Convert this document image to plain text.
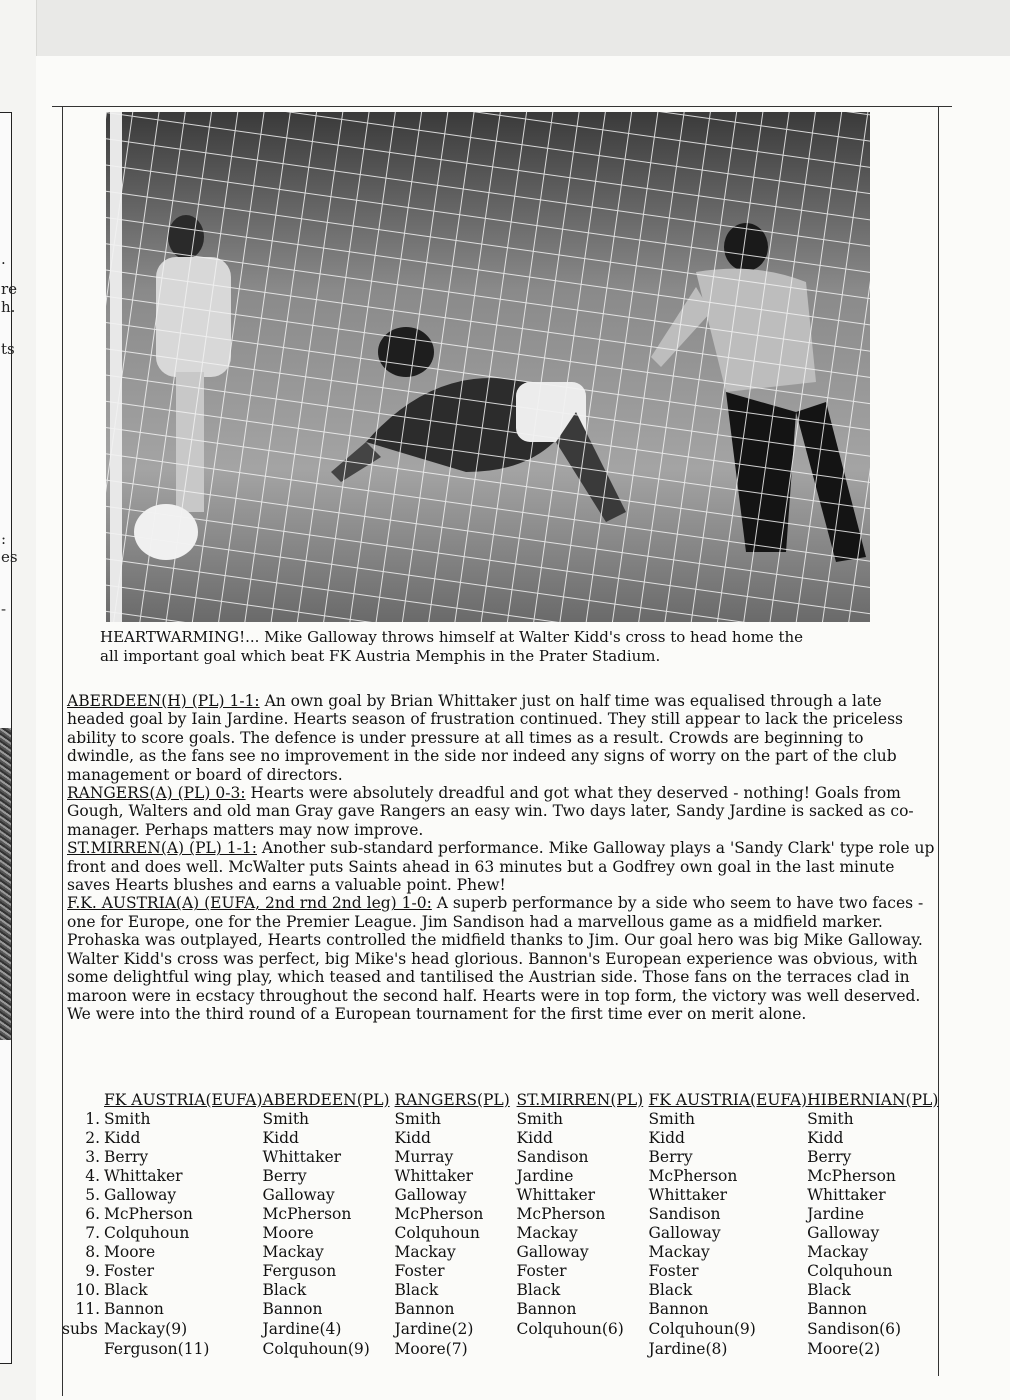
.
re
h.
ts
:
es
-
HEARTWARMING!... Mike Galloway throws himself at Walter Kidd's cross to head home the
all important goal which beat FK Austria Memphis in the Prater Stadium.

ABERDEEN(H) (PL) 1-1: An own goal by Brian Whittaker just on half time was equalised through a late headed goal by Iain Jardine. Hearts season of frustration continued. They still appear to lack the priceless ability to score goals. The defence is under pressure at all times as a result. Crowds are beginning to dwindle, as the fans see no improvement in the side nor indeed any signs of worry on the part of the club management or board of directors.

RANGERS(A) (PL) 0-3: Hearts were absolutely dreadful and got what they deserved - nothing! Goals from Gough, Walters and old man Gray gave Rangers an easy win. Two days later, Sandy Jardine is sacked as co-manager. Perhaps matters may now improve.

ST.MIRREN(A) (PL) 1-1: Another sub-standard performance. Mike Galloway plays a 'Sandy Clark' type role up front and does well. McWalter puts Saints ahead in 63 minutes but a Godfrey own goal in the last minute saves Hearts blushes and earns a valuable point. Phew!

F.K. AUSTRIA(A) (EUFA, 2nd rnd 2nd leg) 1-0: A superb performance by a side who seem to have two faces - one for Europe, one for the Premier League. Jim Sandison had a marvellous game as a midfield marker. Prohaska was outplayed, Hearts controlled the midfield thanks to Jim. Our goal hero was big Mike Galloway. Walter Kidd's cross was perfect, big Mike's head glorious. Bannon's European experience was obvious, with some delightful wing play, which teased and tantilised the Austrian side. Those fans on the terraces clad in maroon were in ecstacy throughout the second half. Hearts were in top form, the victory was well deserved. We were into the third round of a European tournament for the first time ever on merit alone.

	FK AUSTRIA(EUFA)	ABERDEEN(PL)	RANGERS(PL)	ST.MIRREN(PL)	FK AUSTRIA(EUFA)	HIBERNIAN(PL)
1.	Smith	Smith	Smith	Smith	Smith	Smith
2.	Kidd	Kidd	Kidd	Kidd	Kidd	Kidd
3.	Berry	Whittaker	Murray	Sandison	Berry	Berry
4.	Whittaker	Berry	Whittaker	Jardine	McPherson	McPherson
5.	Galloway	Galloway	Galloway	Whittaker	Whittaker	Whittaker
6.	McPherson	McPherson	McPherson	McPherson	Sandison	Jardine
7.	Colquhoun	Moore	Colquhoun	Mackay	Galloway	Galloway
8.	Moore	Mackay	Mackay	Galloway	Mackay	Mackay
9.	Foster	Ferguson	Foster	Foster	Foster	Colquhoun
10.	Black	Black	Black	Black	Black	Black
11.	Bannon	Bannon	Bannon	Bannon	Bannon	Bannon
subs	Mackay(9)	Jardine(4)	Jardine(2)	Colquhoun(6)	Colquhoun(9)	Sandison(6)
	Ferguson(11)	Colquhoun(9)	Moore(7)		Jardine(8)	Moore(2)
